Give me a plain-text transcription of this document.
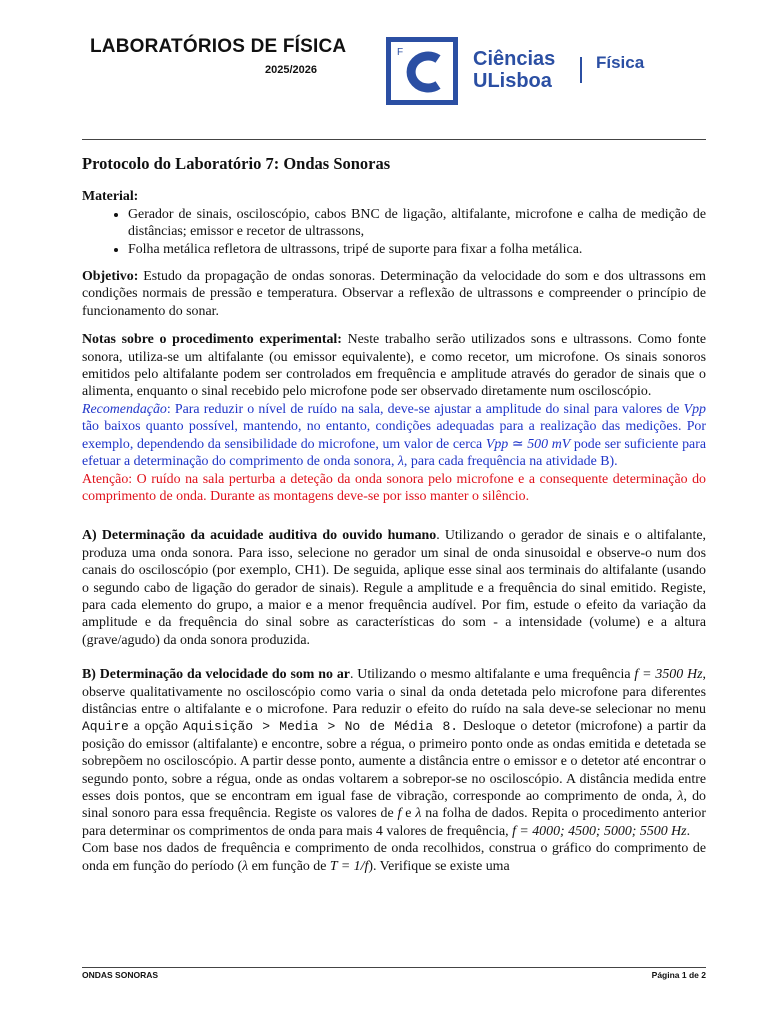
LABORATÓRIOS DE FÍSICA
2025/2026
F	Ciências
ULisboa
Física
Protocolo do Laboratório 7: Ondas Sonoras
Material:
• Gerador de sinais, osciloscópio, cabos BNC de ligação, altifalante, microfone e calha de medição de distâncias; emissor e recetor de ultrassons,
• Folha metálica refletora de ultrassons, tripé de suporte para fixar a folha metálica.

Objetivo: Estudo da propagação de ondas sonoras. Determinação da velocidade do som e dos ultrassons em condições normais de pressão e temperatura. Observar a reflexão de ultrassons e compreender o princípio de funcionamento do sonar.

Notas sobre o procedimento experimental: Neste trabalho serão utilizados sons e ultrassons. Como fonte sonora, utiliza-se um altifalante (ou emissor equivalente), e como recetor, um microfone. Os sinais sonoros emitidos pelo altifalante podem ser controlados em frequência e amplitude através do gerador de sinais que o alimenta, enquanto o sinal recebido pelo microfone pode ser observado diretamente num osciloscópio.

Recomendação: Para reduzir o nível de ruído na sala, deve-se ajustar a amplitude do sinal para valores de Vpp tão baixos quanto possível, mantendo, no entanto, condições adequadas para a realização das medições. Por exemplo, dependendo da sensibilidade do microfone, um valor de cerca Vpp ≃ 500 mV pode ser suficiente para efetuar a determinação do comprimento de onda sonora, λ, para cada frequência na atividade B).

Atenção: O ruído na sala perturba a deteção da onda sonora pelo microfone e a consequente determinação do comprimento de onda. Durante as montagens deve-se por isso manter o silêncio.

A) Determinação da acuidade auditiva do ouvido humano. Utilizando o gerador de sinais e o altifalante, produza uma onda sonora. Para isso, selecione no gerador um sinal de onda sinusoidal e observe-o num dos canais do osciloscópio (por exemplo, CH1). De seguida, aplique esse sinal aos terminais do altifalante (usando o segundo cabo de ligação do gerador de sinais). Regule a amplitude e a frequência do sinal emitido. Registe, para cada elemento do grupo, a maior e a menor frequência audível. Por fim, estude o efeito da variação da amplitude e da frequência do sinal sobre as características do som - a intensidade (volume) e a altura (grave/agudo) da onda sonora produzida.

B) Determinação da velocidade do som no ar. Utilizando o mesmo altifalante e uma frequência f = 3500 Hz, observe qualitativamente no osciloscópio como varia o sinal da onda detetada pelo microfone para diferentes distâncias entre o altifalante e o microfone. Para reduzir o efeito do ruído na sala deve-se selecionar no menu Aquire a opção Aquisição > Media > No de Média 8. Desloque o detetor (microfone) a partir da posição do emissor (altifalante) e encontre, sobre a régua, o primeiro ponto onde as ondas emitida e detetada se sobrepõem no osciloscópio. A partir desse ponto, aumente a distância entre o emissor e o detetor até encontrar o segundo ponto, sobre a régua, onde as ondas voltarem a sobrepor-se no osciloscópio. A distância medida entre esses dois pontos, que se encontram em igual fase de vibração, corresponde ao comprimento de onda, λ, do sinal sonoro para essa frequência. Registe os valores de f e λ na folha de dados. Repita o procedimento anterior para determinar os comprimentos de onda para mais 4 valores de frequência, f = 4000; 4500; 5000; 5500 Hz.

Com base nos dados de frequência e comprimento de onda recolhidos, construa o gráfico do comprimento de onda em função do período (λ em função de T = 1/f). Verifique se existe uma

ONDAS SONORAS	Página 1 de 2
